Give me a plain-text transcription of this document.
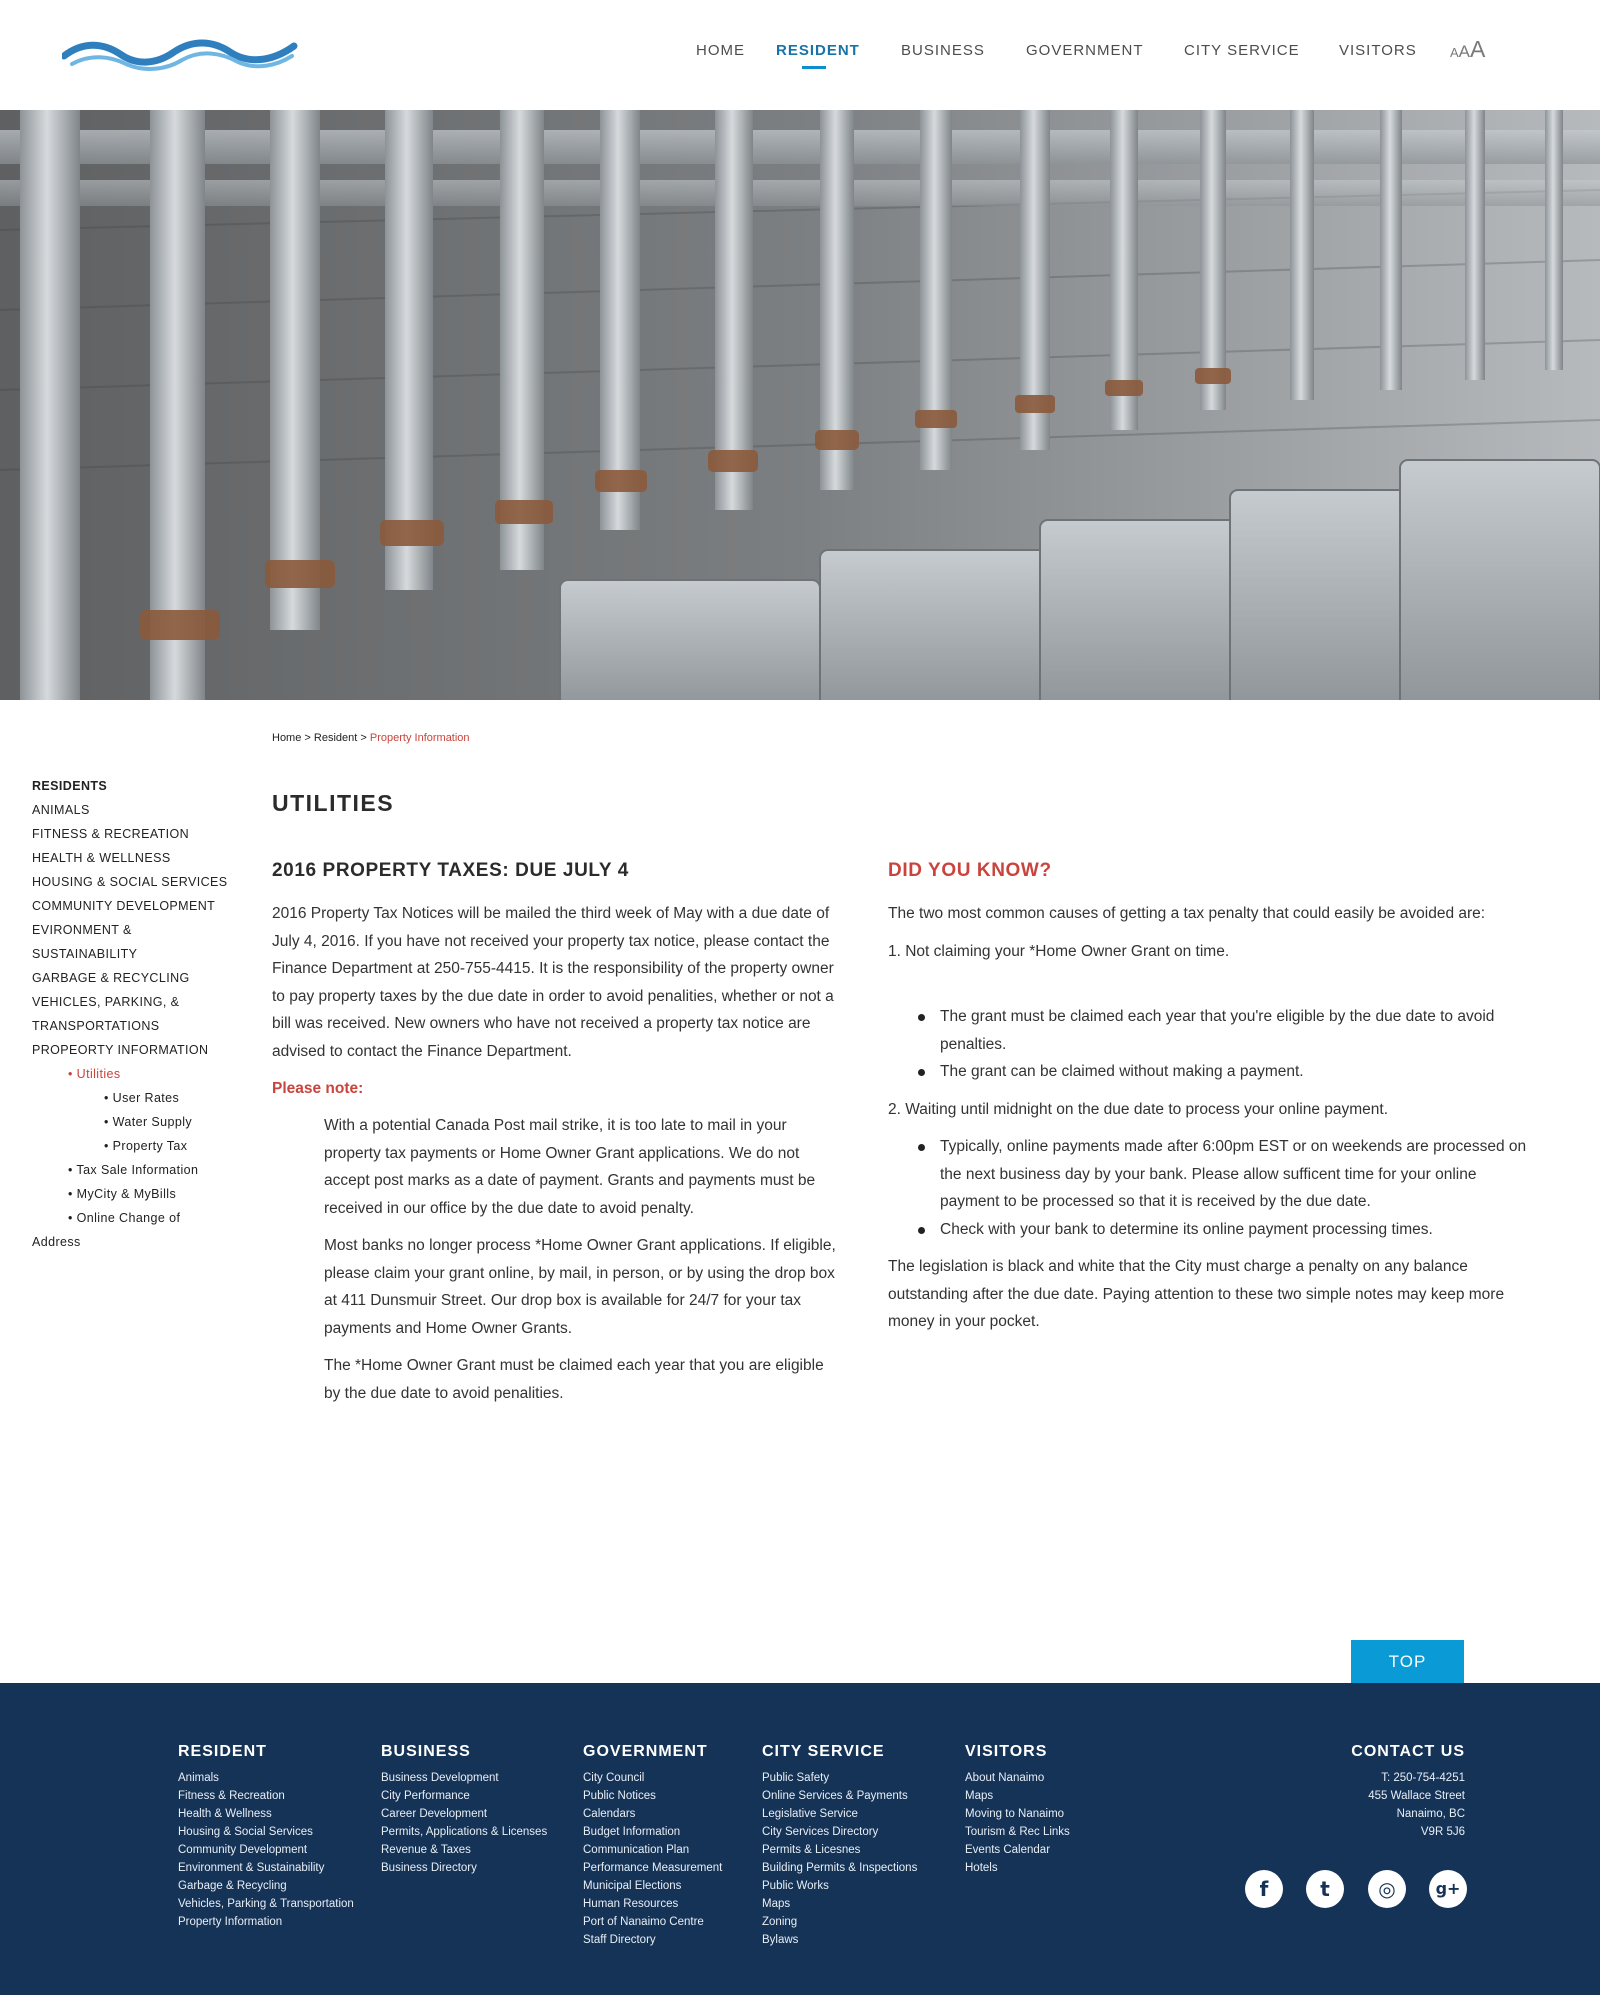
HOME RESIDENT	BUSINESS	GOVERNMENT	CITY SERVICE	VISITORS	AAA
Home > Resident > Property Information
RESIDENTS
ANIMALS
FITNESS & RECREATION
HEALTH & WELLNESS
HOUSING & SOCIAL SERVICES
COMMUNITY DEVELOPMENT
EVIRONMENT &
SUSTAINABILITY
GARBAGE & RECYCLING
VEHICLES, PARKING, &
TRANSPORTATIONS
PROPEORTY INFORMATION
• Utilities
• User Rates
• Water Supply
• Property Tax
• Tax Sale Information
• MyCity & MyBills
• Online Change of
Address
UTILITIES
2016 PROPERTY TAXES: DUE JULY 4

2016 Property Tax Notices will be mailed the third week of May with a due date of July 4, 2016. If you have not received your property tax notice, please contact the Finance Department at 250-755-4415. It is the responsibility of the property owner to pay property taxes by the due date in order to avoid penalities, whether or not a bill was received. New owners who have not received a property tax notice are advised to contact the Finance Department.

Please note:

With a potential Canada Post mail strike, it is too late to mail in your property tax payments or Home Owner Grant applications. We do not accept post marks as a date of payment. Grants and payments must be received in our office by the due date to avoid penalty.

Most banks no longer process *Home Owner Grant applications. If eligible, please claim your grant online, by mail, in person, or by using the drop box at 411 Dunsmuir Street. Our drop box is available for 24/7 for your tax payments and Home Owner Grants.

The *Home Owner Grant must be claimed each year that you are eligible by the due date to avoid penalities.

DID YOU KNOW?

The two most common causes of getting a tax penalty that could easily be avoided are:

1. Not claiming your *Home Owner Grant on time.

The grant must be claimed each year that you're eligible by the due date to avoid penalties.
The grant can be claimed without making a payment.

2. Waiting until midnight on the due date to process your online payment.

Typically, online payments made after 6:00pm EST or on weekends are processed on the next business day by your bank. Please allow sufficent time for your online payment to be processed so that it is received by the due date.
Check with your bank to determine its online payment processing times.

The legislation is black and white that the City must charge a penalty on any balance outstanding after the due date. Paying attention to these two simple notes may keep more money in your pocket.

TOP
RESIDENT
Animals
Fitness & Recreation
Health & Wellness
Housing & Social Services
Community Development
Environment & Sustainability
Garbage & Recycling
Vehicles, Parking & Transportation
Property Information
BUSINESS
Business Development
City Performance
Career Development
Permits, Applications & Licenses
Revenue & Taxes
Business Directory
GOVERNMENT
City Council
Public Notices
Calendars
Budget Information
Communication Plan
Performance Measurement
Municipal Elections
Human Resources
Port of Nanaimo Centre
Staff Directory
CITY SERVICE
Public Safety
Online Services & Payments
Legislative Service
City Services Directory
Permits & Licesnes
Building Permits & Inspections
Public Works
Maps
Zoning
Bylaws
VISITORS
About Nanaimo
Maps
Moving to Nanaimo
Tourism & Rec Links
Events Calendar
Hotels
CONTACT US
T: 250-754-4251
455 Wallace Street
Nanaimo, BC
V9R 5J6
f	t	◎	g+
